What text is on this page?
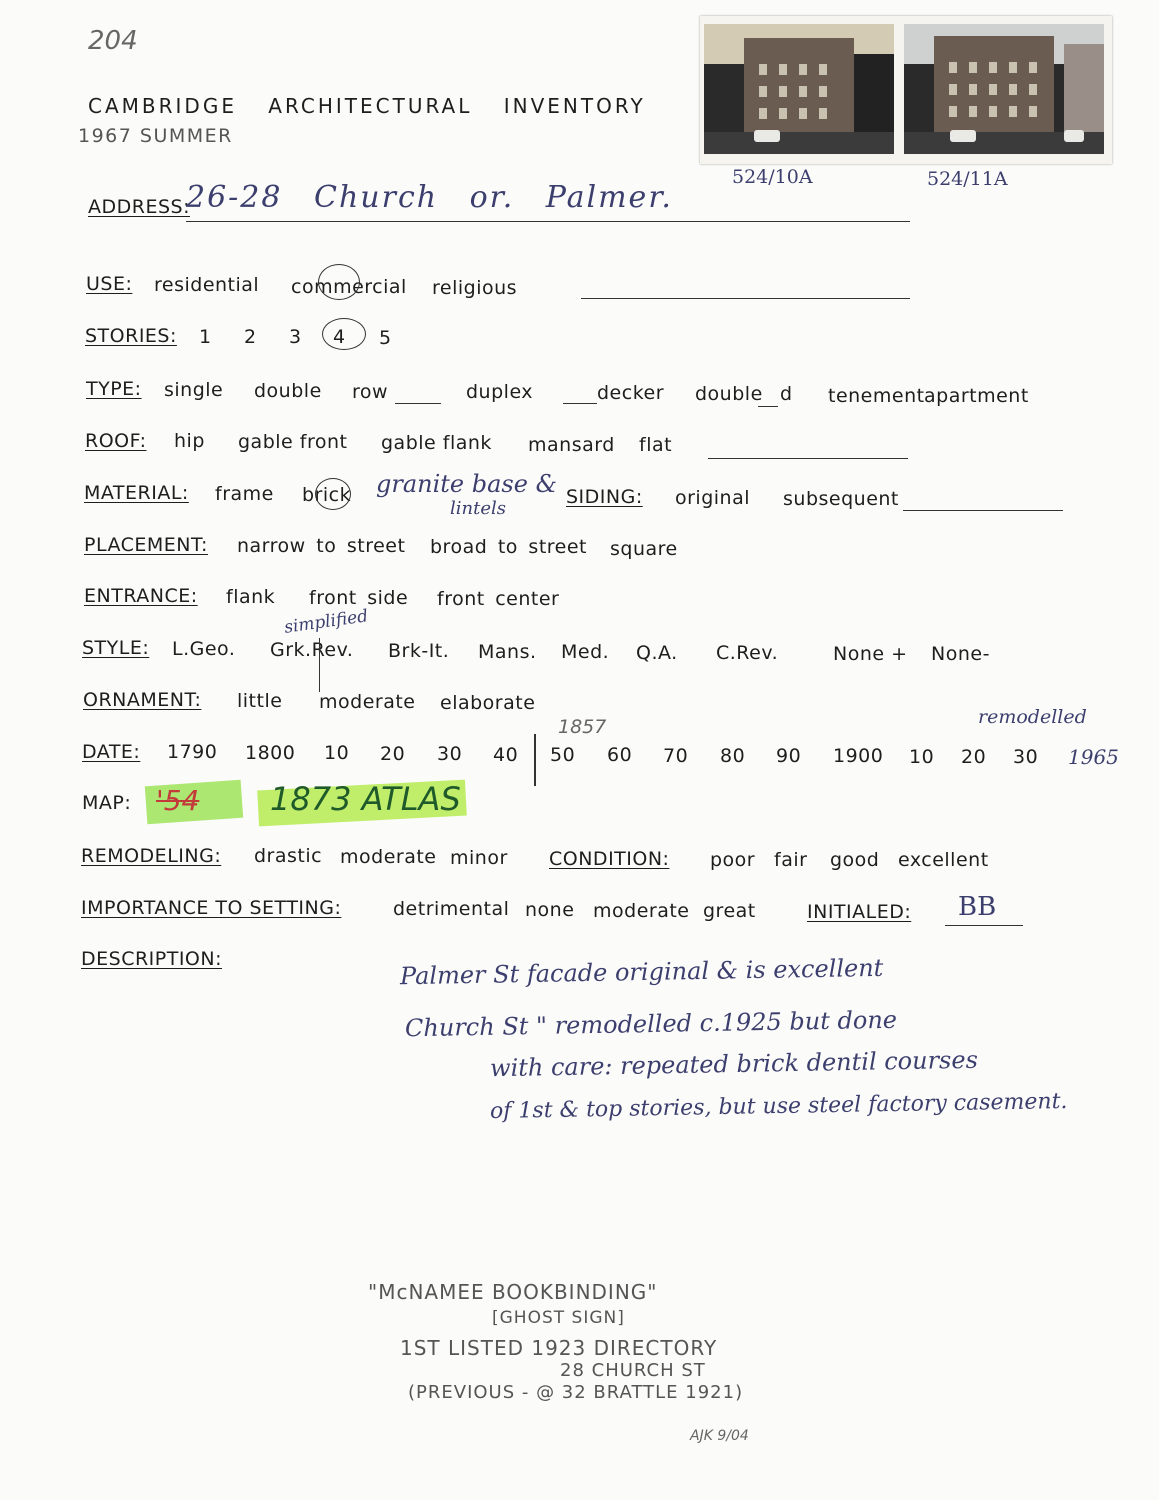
204
CAMBRIDGE ARCHITECTURAL INVENTORY
1967 SUMMER
524/10A	524/11A
ADDRESS:
26-28 Church or. Palmer.
USE: residential commercial religious
STORIES: 1 2 3 4 5
TYPE: single double row	duplex	decker double d tenement apartment
ROOF: hip gable front gable flank mansard flat
MATERIAL: frame brick granite base &
lintels
SIDING: original subsequent
PLACEMENT: narrow to street broad to street square
ENTRANCE: flank front side front center
simplified
STYLE: L.Geo. Grk.Rev. Brk-It. Mans. Med. Q.A. C.Rev.	None + None-
ORNAMENT: little moderate elaborate
1857	remodelled
DATE: 1790 1800 10 20 30 40 50 60 70 80 90 1900 10 20 30 1965
MAP: '54 1873 ATLAS
REMODELING: drastic moderate minor CONDITION: poor fair good excellent
IMPORTANCE TO SETTING:	detrimental none moderate great	INITIALED: BB
DESCRIPTION:	Palmer St facade original & is excellent
Church St " remodelled c.1925 but done
with care: repeated brick dentil courses
of 1st & top stories, but use steel factory casement.
"McNAMEE BOOKBINDING"
[GHOST SIGN]
1ST LISTED 1923 DIRECTORY
28 CHURCH ST
(PREVIOUS - @ 32 BRATTLE 1921)
AJK 9/04
